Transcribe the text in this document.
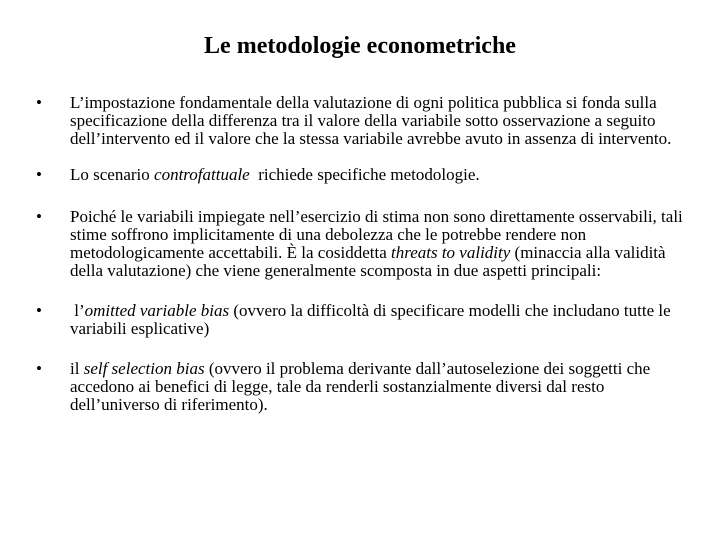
Le metodologie econometriche
•	L’impostazione fondamentale della valutazione di ogni politica pubblica si fonda sulla specificazione della differenza tra il valore della variabile sotto osservazione a seguito dell’intervento ed il valore che la stessa variabile avrebbe avuto in assenza di intervento.
•	Lo scenario controfattuale  richiede specifiche metodologie.
•	Poiché le variabili impiegate nell’esercizio di stima non sono direttamente osservabili, tali stime soffrono implicitamente di una debolezza che le potrebbe rendere non metodologicamente accettabili. È la cosiddetta threats to validity (minaccia alla validità della valutazione) che viene generalmente scomposta in due aspetti principali:
•	l’omitted variable bias (ovvero la difficoltà di specificare modelli che includano tutte le variabili esplicative)
•	il self selection bias (ovvero il problema derivante dall’autoselezione dei soggetti che accedono ai benefici di legge, tale da renderli sostanzialmente diversi dal resto dell’universo di riferimento).
